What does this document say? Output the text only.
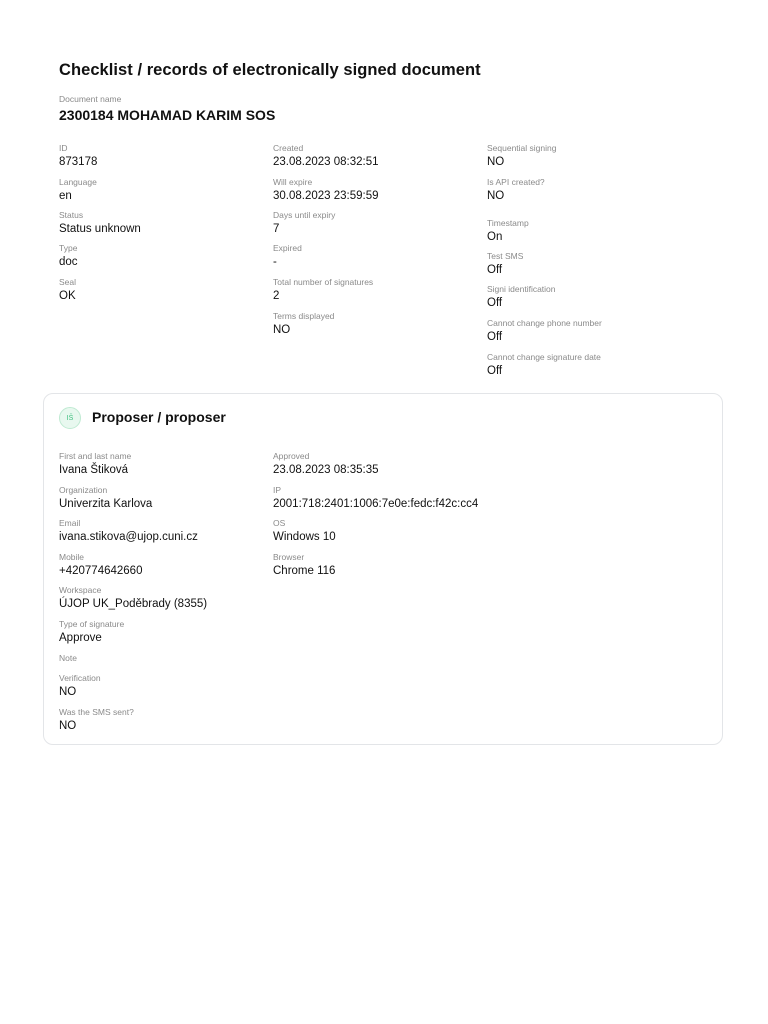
Checklist / records of electronically signed document
Document name
2300184 MOHAMAD KARIM SOS
ID
873178
Language
en
Status
Status unknown
Type
doc
Seal
OK
Created
23.08.2023 08:32:51
Will expire
30.08.2023 23:59:59
Days until expiry
7
Expired
-
Total number of signatures
2
Terms displayed
NO
Sequential signing
NO
Is API created?
NO
Timestamp
On
Test SMS
Off
Signi identification
Off
Cannot change phone number
Off
Cannot change signature date
Off
IŠ	Proposer / proposer
First and last name
Ivana Štiková
Organization
Univerzita Karlova
Email
ivana.stikova@ujop.cuni.cz
Mobile
+420774642660
Workspace
ÚJOP UK_Poděbrady (8355)
Type of signature
Approve
Note
Verification
NO
Was the SMS sent?
NO
Approved
23.08.2023 08:35:35
IP
2001:718:2401:1006:7e0e:fedc:f42c:cc4
OS
Windows 10
Browser
Chrome 116
